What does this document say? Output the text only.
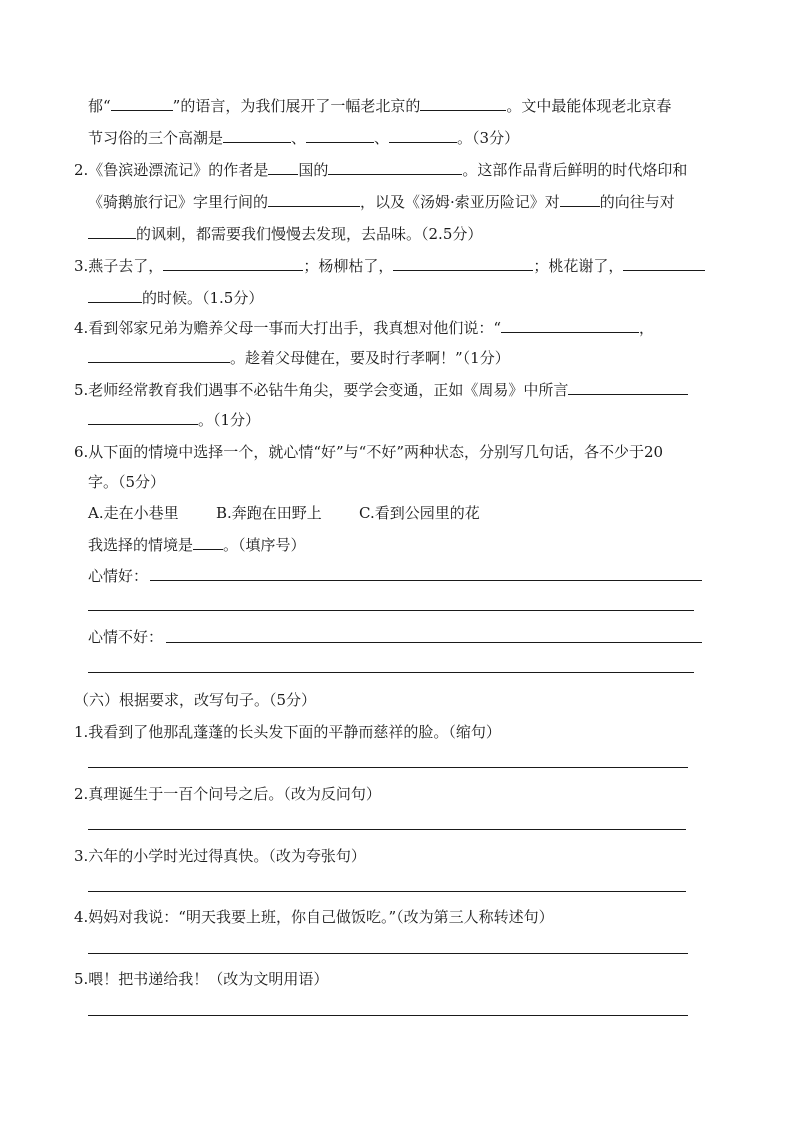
郁“	”的语言，为我们展开了一幅老北京的	。文中最能体现老北京春
节习俗的三个高潮是	、	、	。（3分）
2.《鲁滨逊漂流记》的作者是 国的	。这部作品背后鲜明的时代烙印和
《骑鹅旅行记》字里行间的	，以及《汤姆·索亚历险记》对	的向往与对
的讽刺，都需要我们慢慢去发现，去品味。（2.5分）
3.燕子去了，	；杨柳枯了，	；桃花谢了，
的时候。（1.5分）
4.看到邻家兄弟为赡养父母一事而大打出手，我真想对他们说：“	，
。趁着父母健在，要及时行孝啊！”（1分）
5.老师经常教育我们遇事不必钻牛角尖，要学会变通，正如《周易》中所言
。（1分）
6.从下面的情境中选择一个，就心情“好”与“不好”两种状态，分别写几句话，各不少于20
字。（5分）
A.走在小巷里 B.奔跑在田野上 C.看到公园里的花
我选择的情境是 。（填序号）
心情好：
心情不好：
（六）根据要求，改写句子。（5分）
1.我看到了他那乱蓬蓬的长头发下面的平静而慈祥的脸。（缩句）
2.真理诞生于一百个问号之后。（改为反问句）
3.六年的小学时光过得真快。（改为夸张句）
4.妈妈对我说：“明天我要上班，你自己做饭吃。”（改为第三人称转述句）
5.喂！把书递给我！（改为文明用语）
